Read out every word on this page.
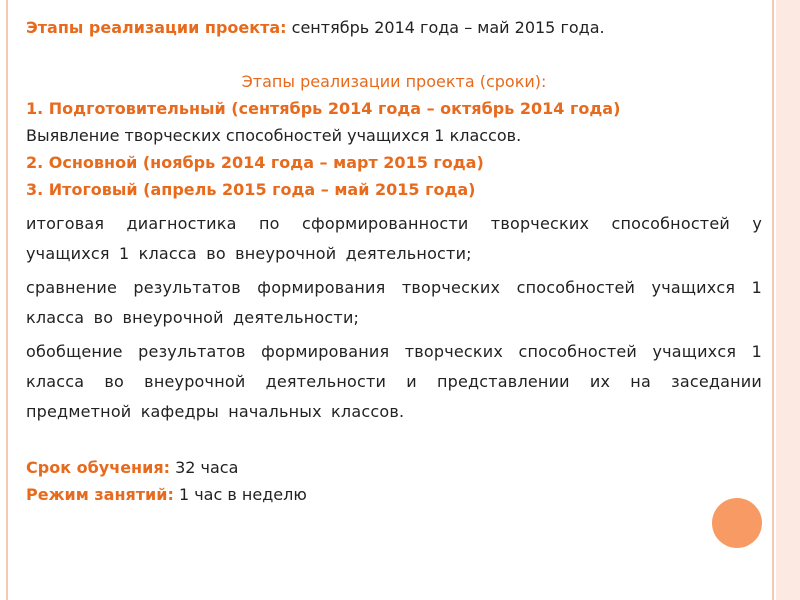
Этапы реализации проекта: сентябрь 2014 года – май 2015 года.
Этапы реализации проекта (сроки):
1. Подготовительный (сентябрь 2014 года – октябрь 2014 года)
Выявление творческих способностей учащихся 1 классов.
2. Основной (ноябрь 2014 года – март 2015 года)
3. Итоговый (апрель 2015 года – май 2015 года)
итоговая диагностика по сформированности творческих способностей у учащихся 1 класса во внеурочной деятельности;
сравнение результатов формирования творческих способностей учащихся 1 класса во внеурочной деятельности;
обобщение результатов формирования творческих способностей учащихся 1 класса во внеурочной деятельности и представлении их на заседании предметной кафедры начальных классов.
Срок обучения: 32 часа
Режим занятий: 1 час в неделю
